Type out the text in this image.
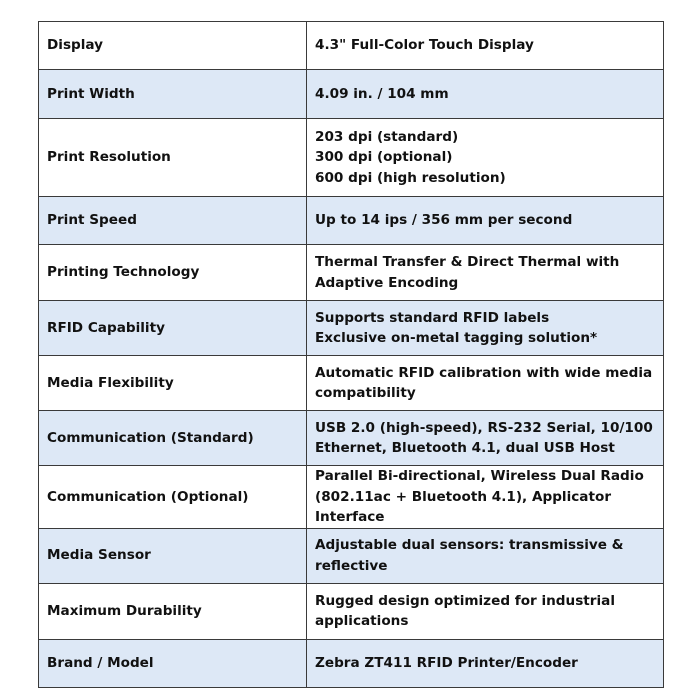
Display	4.3" Full-Color Touch Display

Print Width	4.09 in. / 104 mm

Print Resolution	203 dpi (standard)
300 dpi (optional)
600 dpi (high resolution)

Print Speed	Up to 14 ips / 356 mm per second

Printing Technology	Thermal Transfer & Direct Thermal with
Adaptive Encoding

RFID Capability	Supports standard RFID labels
Exclusive on-metal tagging solution*

Media Flexibility	Automatic RFID calibration with wide media
compatibility

Communication (Standard)	USB 2.0 (high-speed), RS-232 Serial, 10/100
Ethernet, Bluetooth 4.1, dual USB Host

Communication (Optional)	Parallel Bi-directional, Wireless Dual Radio
(802.11ac + Bluetooth 4.1), Applicator Interface

Media Sensor	Adjustable dual sensors: transmissive &
reflective

Maximum Durability	Rugged design optimized for industrial
applications

Brand / Model	Zebra ZT411 RFID Printer/Encoder
